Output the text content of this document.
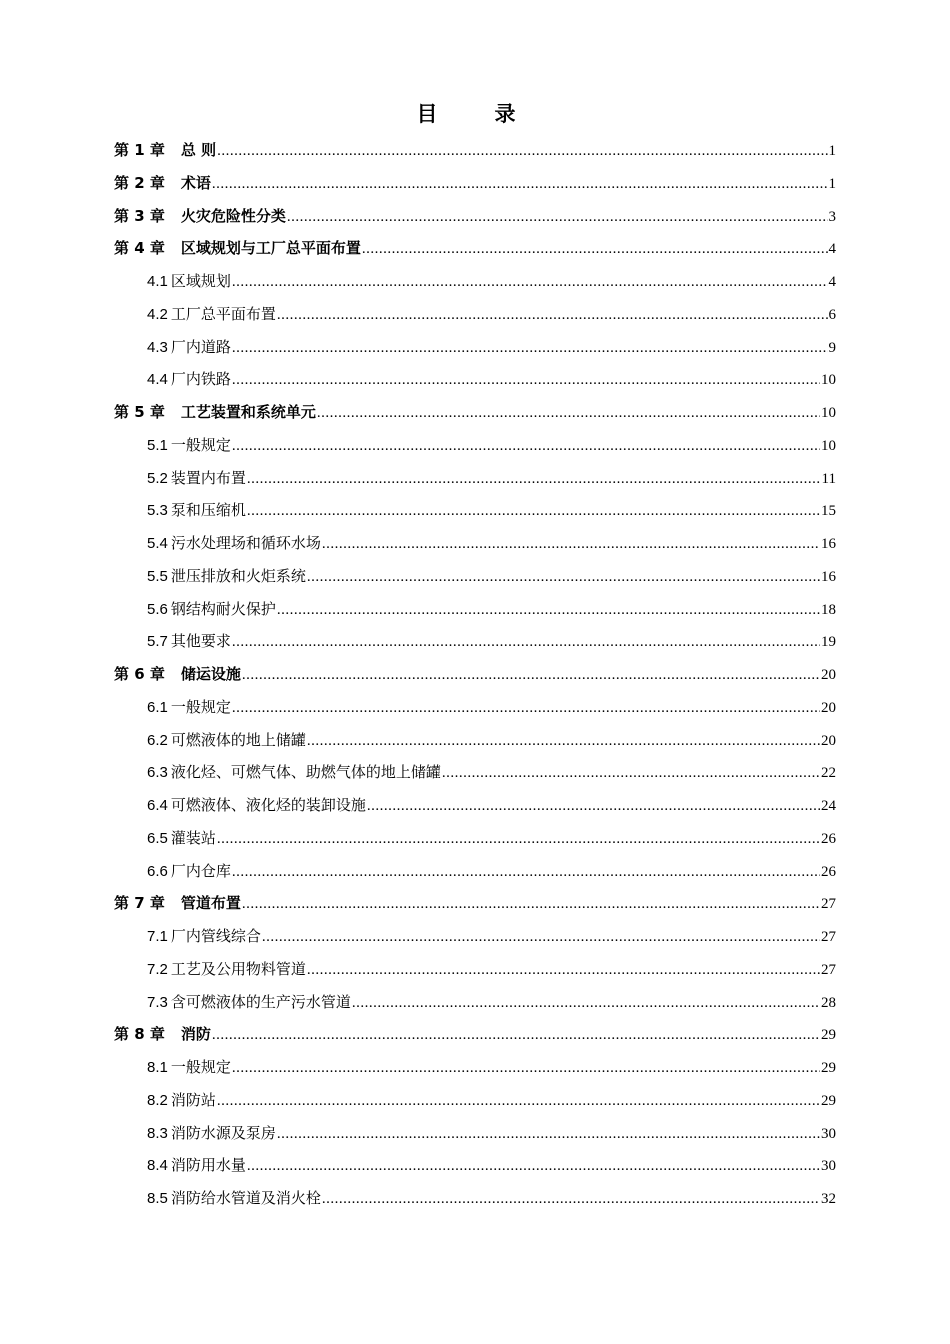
目　录
第 1 章 总 则 .....	1
第 2 章 术语 .....	1
第 3 章 火灾危险性分类 .....	3
第 4 章 区域规划与工厂总平面布置 .....	4
4.1 区域规划 .....	4
4.2 工厂总平面布置 .....	6
4.3 厂内道路 .....	9
4.4 厂内铁路 .....	10
第 5 章 工艺装置和系统单元 .....	10
5.1 一般规定 .....	10
5.2 装置内布置 .....	11
5.3 泵和压缩机 .....	15
5.4 污水处理场和循环水场 .....	16
5.5 泄压排放和火炬系统 .....	16
5.6 钢结构耐火保护 .....	18
5.7 其他要求 .....	19
第 6 章 储运设施 .....	20
6.1 一般规定 .....	20
6.2 可燃液体的地上储罐 .....	20
6.3 液化烃、可燃气体、助燃气体的地上储罐 .....	22
6.4 可燃液体、液化烃的装卸设施 .....	24
6.5 灌装站 .....	26
6.6 厂内仓库 .....	26
第 7 章 管道布置 .....	27
7.1 厂内管线综合 .....	27
7.2 工艺及公用物料管道 .....	27
7.3 含可燃液体的生产污水管道 .....	28
第 8 章 消防 .....	29
8.1 一般规定 .....	29
8.2 消防站 .....	29
8.3 消防水源及泵房 .....	30
8.4 消防用水量 .....	30
8.5 消防给水管道及消火栓 .....	32
